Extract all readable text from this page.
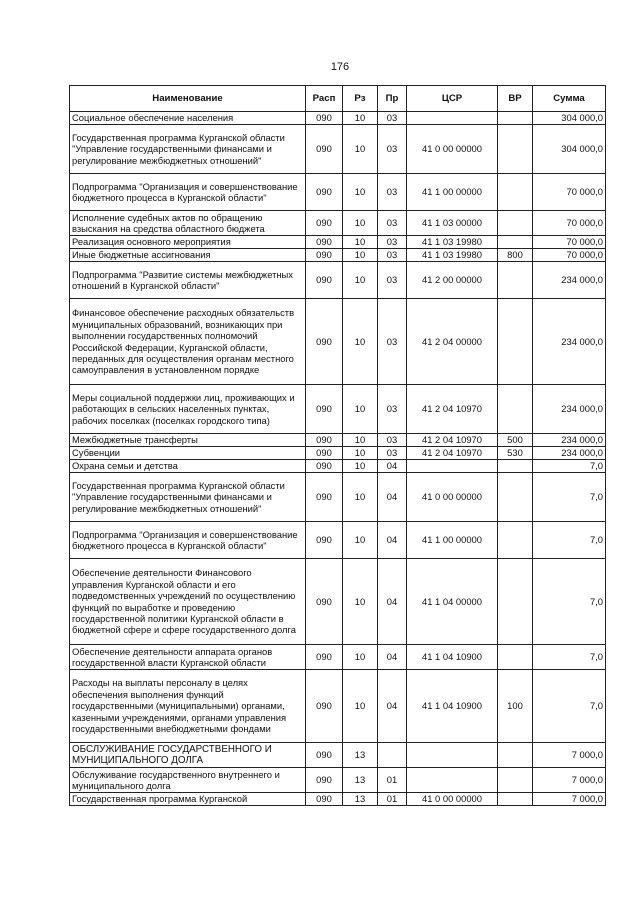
176
Наименование	Расп	Рз	Пр	ЦСР	ВР	Сумма
Социальное обеспечение населения	090	10	03			304 000,0
Государственная программа Курганской области "Управление государственными финансами и регулирование межбюджетных отношений"	090	10	03	41 0 00 00000		304 000,0
Подпрограмма "Организация и совершенствование бюджетного процесса в Курганской области"	090	10	03	41 1 00 00000		70 000,0
Исполнение судебных актов по обращению взыскания на средства областного бюджета	090	10	03	41 1 03 00000		70 000,0
Реализация основного мероприятия	090	10	03	41 1 03 19980		70 000,0
Иные бюджетные ассигнования	090	10	03	41 1 03 19980	800	70 000,0
Подпрограмма "Развитие системы межбюджетных отношений в Курганской области"	090	10	03	41 2 00 00000		234 000,0
Финансовое обеспечение расходных обязательств муниципальных образований, возникающих при выполнении государственных полномочий Российской Федерации, Курганской области, переданных для осуществления органам местного самоуправления в установленном порядке	090	10	03	41 2 04 00000		234 000,0
Меры социальной поддержки лиц, проживающих и работающих в сельских населенных пунктах, рабочих поселках (поселках городского типа)	090	10	03	41 2 04 10970		234 000,0
Межбюджетные трансферты	090	10	03	41 2 04 10970	500	234 000,0
Субвенции	090	10	03	41 2 04 10970	530	234 000,0
Охрана семьи и детства	090	10	04			7,0
Государственная программа Курганской области "Управление государственными финансами и регулирование межбюджетных отношений"	090	10	04	41 0 00 00000		7,0
Подпрограмма "Организация и совершенствование бюджетного процесса в Курганской области"	090	10	04	41 1 00 00000		7,0
Обеспечение деятельности Финансового управления Курганской области и его подведомственных учреждений по осуществлению функций по выработке и проведению государственной политики Курганской области в бюджетной сфере и сфере государственного долга	090	10	04	41 1 04 00000		7,0
Обеспечение деятельности аппарата органов государственной власти Курганской области	090	10	04	41 1 04 10900		7,0
Расходы на выплаты персоналу в целях обеспечения выполнения функций государственными (муниципальными) органами, казенными учреждениями, органами управления государственными внебюджетными фондами	090	10	04	41 1 04 10900	100	7,0
ОБСЛУЖИВАНИЕ ГОСУДАРСТВЕННОГО И МУНИЦИПАЛЬНОГО ДОЛГА	090	13				7 000,0
Обслуживание государственного внутреннего и муниципального долга	090	13	01			7 000,0
Государственная программа Курганской	090	13	01	41 0 00 00000		7 000,0
